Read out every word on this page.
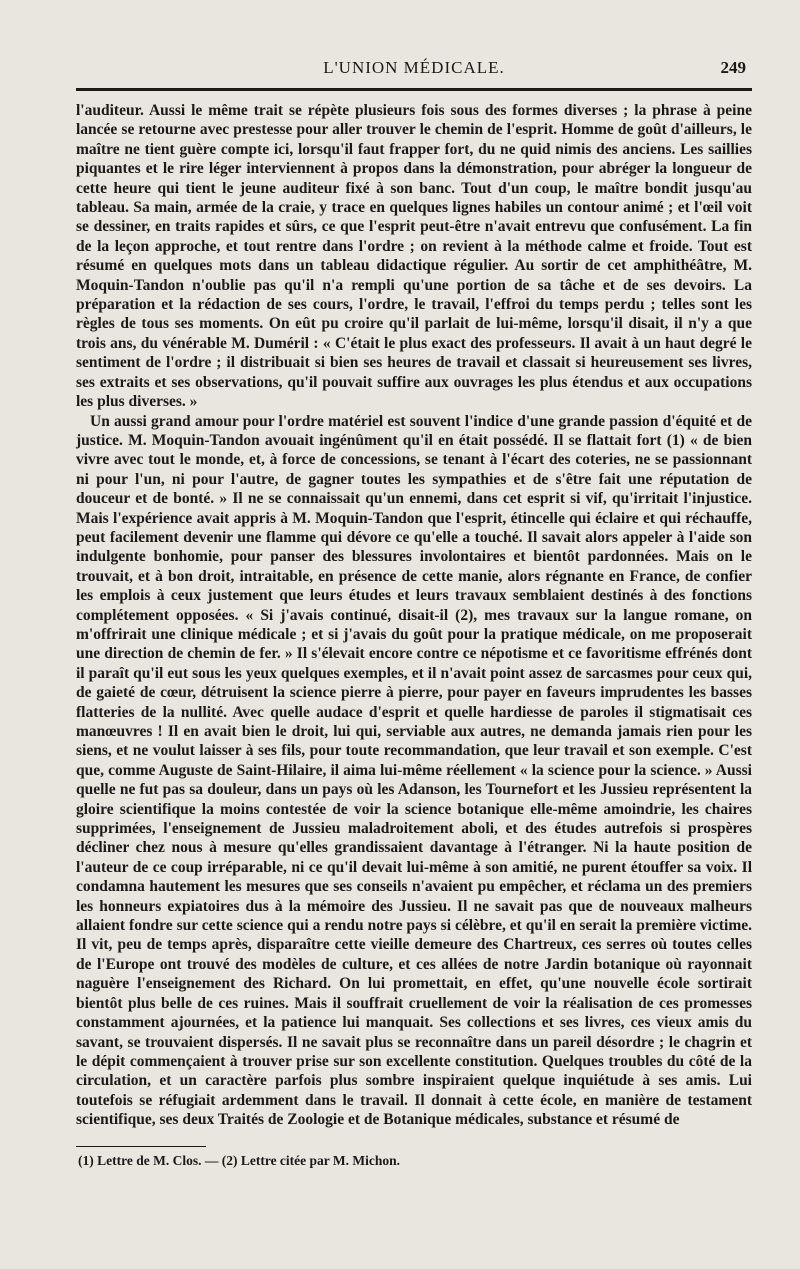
L'UNION MÉDICALE.	249

l'auditeur. Aussi le même trait se répète plusieurs fois sous des formes diverses ; la phrase à peine lancée se retourne avec prestesse pour aller trouver le chemin de l'esprit. Homme de goût d'ailleurs, le maître ne tient guère compte ici, lorsqu'il faut frapper fort, du ne quid nimis des anciens. Les saillies piquantes et le rire léger interviennent à propos dans la démonstration, pour abréger la longueur de cette heure qui tient le jeune auditeur fixé à son banc. Tout d'un coup, le maître bondit jusqu'au tableau. Sa main, armée de la craie, y trace en quelques lignes habiles un contour animé ; et l'œil voit se dessiner, en traits rapides et sûrs, ce que l'esprit peut-être n'avait entrevu que confusément. La fin de la leçon approche, et tout rentre dans l'ordre ; on revient à la méthode calme et froide. Tout est résumé en quelques mots dans un tableau didactique régulier. Au sortir de cet amphithéâtre, M. Moquin-Tandon n'oublie pas qu'il n'a rempli qu'une portion de sa tâche et de ses devoirs. La préparation et la rédaction de ses cours, l'ordre, le travail, l'effroi du temps perdu ; telles sont les règles de tous ses moments. On eût pu croire qu'il parlait de lui-même, lorsqu'il disait, il n'y a que trois ans, du vénérable M. Duméril : « C'était le plus exact des professeurs. Il avait à un haut degré le sentiment de l'ordre ; il distribuait si bien ses heures de travail et classait si heureusement ses livres, ses extraits et ses observations, qu'il pouvait suffire aux ouvrages les plus étendus et aux occupations les plus diverses. »

Un aussi grand amour pour l'ordre matériel est souvent l'indice d'une grande passion d'équité et de justice. M. Moquin-Tandon avouait ingénûment qu'il en était possédé. Il se flattait fort (1) « de bien vivre avec tout le monde, et, à force de concessions, se tenant à l'écart des coteries, ne se passionnant ni pour l'un, ni pour l'autre, de gagner toutes les sympathies et de s'être fait une réputation de douceur et de bonté. » Il ne se connaissait qu'un ennemi, dans cet esprit si vif, qu'irritait l'injustice. Mais l'expérience avait appris à M. Moquin-Tandon que l'esprit, étincelle qui éclaire et qui réchauffe, peut facilement devenir une flamme qui dévore ce qu'elle a touché. Il savait alors appeler à l'aide son indulgente bonhomie, pour panser des blessures involontaires et bientôt pardonnées. Mais on le trouvait, et à bon droit, intraitable, en présence de cette manie, alors régnante en France, de confier les emplois à ceux justement que leurs études et leurs travaux semblaient destinés à des fonctions complétement opposées. « Si j'avais continué, disait-il (2), mes travaux sur la langue romane, on m'offrirait une clinique médicale ; et si j'avais du goût pour la pratique médicale, on me proposerait une direction de chemin de fer. » Il s'élevait encore contre ce népotisme et ce favoritisme effrénés dont il paraît qu'il eut sous les yeux quelques exemples, et il n'avait point assez de sarcasmes pour ceux qui, de gaieté de cœur, détruisent la science pierre à pierre, pour payer en faveurs imprudentes les basses flatteries de la nullité. Avec quelle audace d'esprit et quelle hardiesse de paroles il stigmatisait ces manœuvres ! Il en avait bien le droit, lui qui, serviable aux autres, ne demanda jamais rien pour les siens, et ne voulut laisser à ses fils, pour toute recommandation, que leur travail et son exemple. C'est que, comme Auguste de Saint-Hilaire, il aima lui-même réellement « la science pour la science. » Aussi quelle ne fut pas sa douleur, dans un pays où les Adanson, les Tournefort et les Jussieu représentent la gloire scientifique la moins contestée de voir la science botanique elle-même amoindrie, les chaires supprimées, l'enseignement de Jussieu maladroitement aboli, et des études autrefois si prospères décliner chez nous à mesure qu'elles grandissaient davantage à l'étranger. Ni la haute position de l'auteur de ce coup irréparable, ni ce qu'il devait lui-même à son amitié, ne purent étouffer sa voix. Il condamna hautement les mesures que ses conseils n'avaient pu empêcher, et réclama un des premiers les honneurs expiatoires dus à la mémoire des Jussieu. Il ne savait pas que de nouveaux malheurs allaient fondre sur cette science qui a rendu notre pays si célèbre, et qu'il en serait la première victime. Il vit, peu de temps après, disparaître cette vieille demeure des Chartreux, ces serres où toutes celles de l'Europe ont trouvé des modèles de culture, et ces allées de notre Jardin botanique où rayonnait naguère l'enseignement des Richard. On lui promettait, en effet, qu'une nouvelle école sortirait bientôt plus belle de ces ruines. Mais il souffrait cruellement de voir la réalisation de ces promesses constamment ajournées, et la patience lui manquait. Ses collections et ses livres, ces vieux amis du savant, se trouvaient dispersés. Il ne savait plus se reconnaître dans un pareil désordre ; le chagrin et le dépit commençaient à trouver prise sur son excellente constitution. Quelques troubles du côté de la circulation, et un caractère parfois plus sombre inspiraient quelque inquiétude à ses amis. Lui toutefois se réfugiait ardemment dans le travail. Il donnait à cette école, en manière de testament scientifique, ses deux Traités de Zoologie et de Botanique médicales, substance et résumé de

(1) Lettre de M. Clos. — (2) Lettre citée par M. Michon.
